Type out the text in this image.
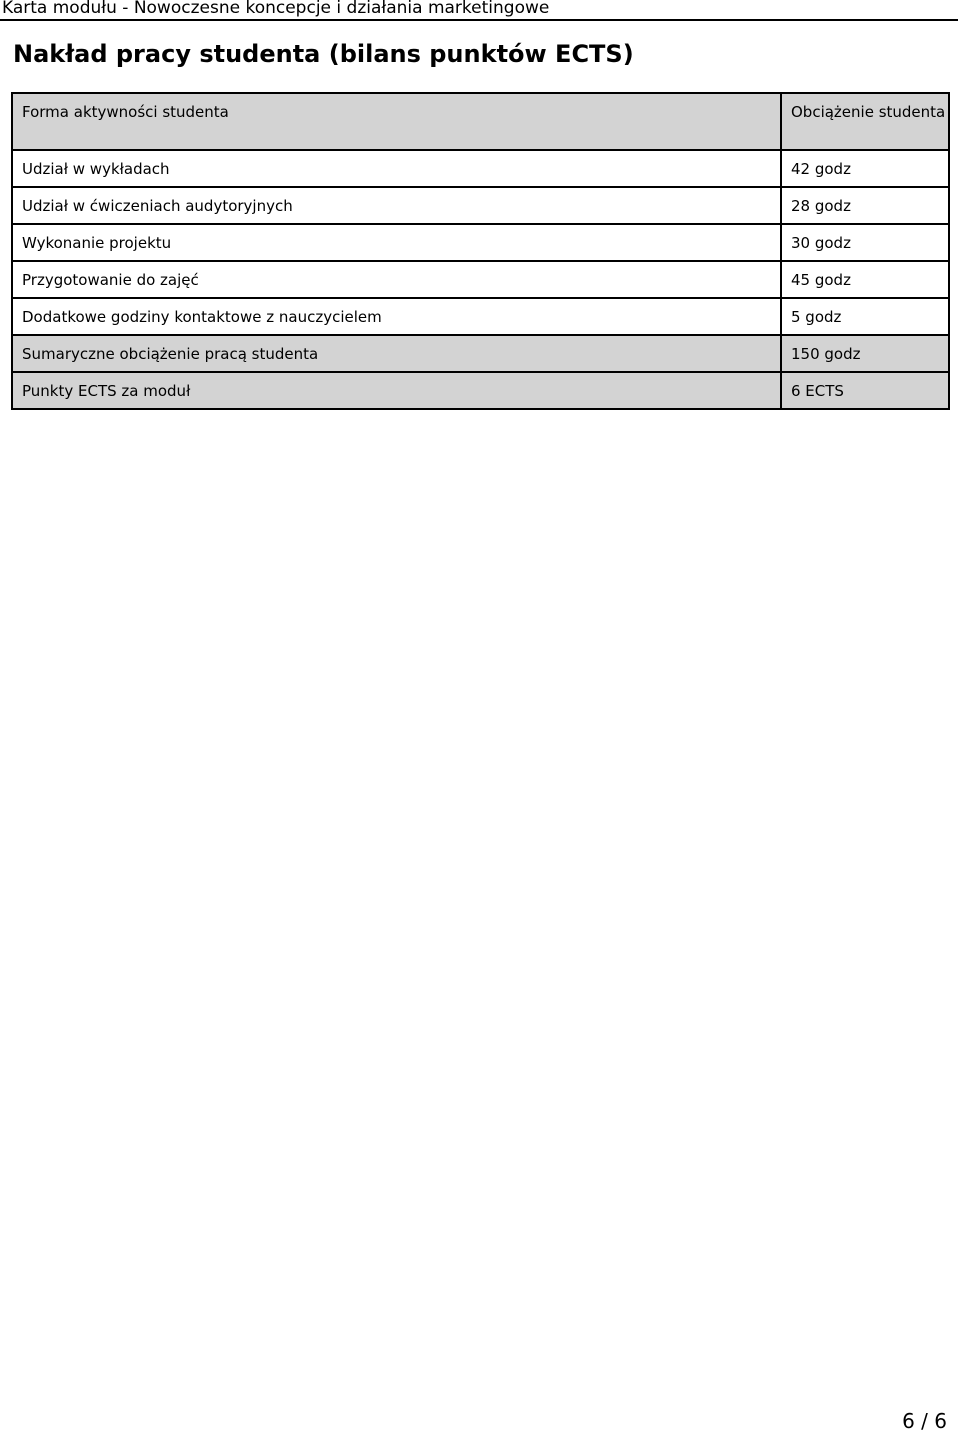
Karta modułu - Nowoczesne koncepcje i działania marketingowe
Nakład pracy studenta (bilans punktów ECTS)
Forma aktywności studenta	Obciążenie studenta
Udział w wykładach	42 godz
Udział w ćwiczeniach audytoryjnych	28 godz
Wykonanie projektu	30 godz
Przygotowanie do zajęć	45 godz
Dodatkowe godziny kontaktowe z nauczycielem	5 godz
Sumaryczne obciążenie pracą studenta	150 godz
Punkty ECTS za moduł	6 ECTS
6 / 6
